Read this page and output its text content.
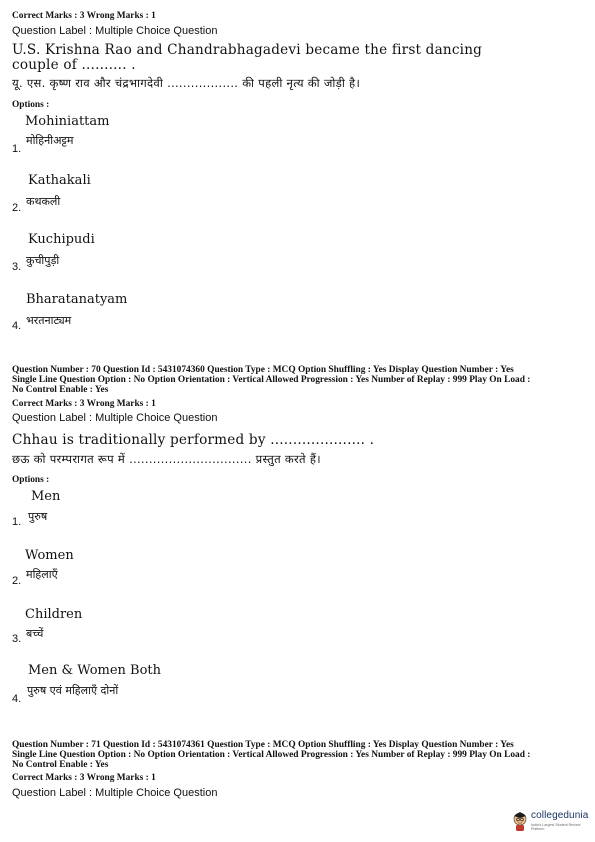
Correct Marks : 3 Wrong Marks : 1
Question Label : Multiple Choice Question
U.S. Krishna Rao and Chandrabhagadevi became the first dancing
couple of .......... .
यू. एस. कृष्ण राव और चंद्रभागदेवी .................. की पहली नृत्य की जोड़ी है।
Options :
Mohiniattam
मोहिनीअट्टम
1.
Kathakali
कथकली
2.
Kuchipudi
कुचीपुड़ी
3.
Bharatanatyam
भरतनाट्यम
4.
Question Number : 70 Question Id : 5431074360 Question Type : MCQ Option Shuffling : Yes Display Question Number : Yes
Single Line Question Option : No Option Orientation : Vertical Allowed Progression : Yes Number of Replay : 999 Play On Load :
No Control Enable : Yes
Correct Marks : 3 Wrong Marks : 1
Question Label : Multiple Choice Question
Chhau is traditionally performed by ..................... .
छऊ को परम्परागत रूप में ............................... प्रस्तुत करते हैं।
Options :
Men
पुरुष
1.
Women
महिलाएँ
2.
Children
बच्चें
3.
Men & Women Both
पुरुष एवं महिलाएँ दोनों
4.
Question Number : 71 Question Id : 5431074361 Question Type : MCQ Option Shuffling : Yes Display Question Number : Yes
Single Line Question Option : No Option Orientation : Vertical Allowed Progression : Yes Number of Replay : 999 Play On Load :
No Control Enable : Yes
Correct Marks : 3 Wrong Marks : 1
Question Label : Multiple Choice Question
collegedunia
India's Largest Student Review Platform
